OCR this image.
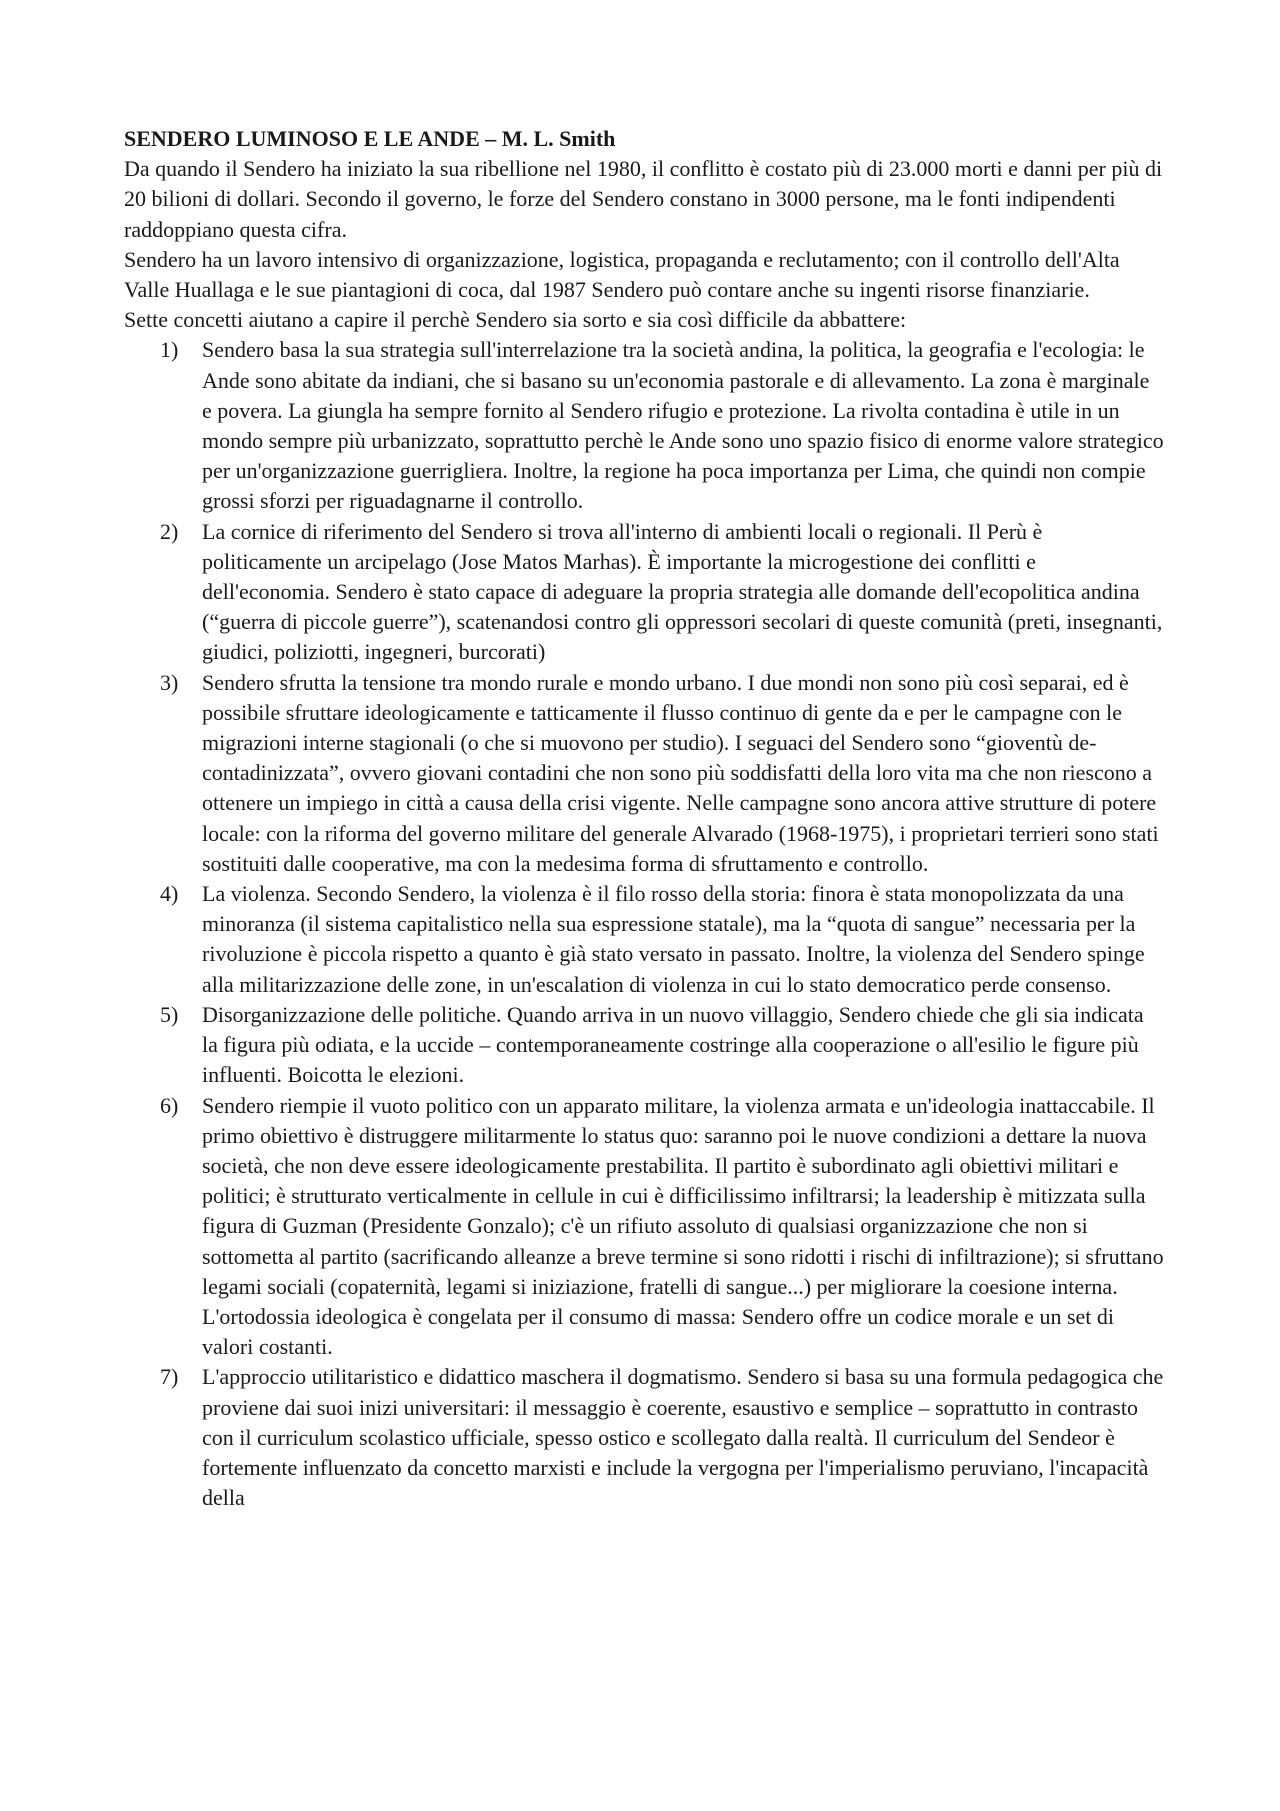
SENDERO LUMINOSO E LE ANDE – M. L. Smith

Da quando il Sendero ha iniziato la sua ribellione nel 1980, il conflitto è costato più di 23.000 morti e danni per più di 20 bilioni di dollari. Secondo il governo, le forze del Sendero constano in 3000 persone, ma le fonti indipendenti raddoppiano questa cifra.

Sendero ha un lavoro intensivo di organizzazione, logistica, propaganda e reclutamento; con il controllo dell'Alta Valle Huallaga e le sue piantagioni di coca, dal 1987 Sendero può contare anche su ingenti risorse finanziarie.

Sette concetti aiutano a capire il perchè Sendero sia sorto e sia così difficile da abbattere:

1) Sendero basa la sua strategia sull'interrelazione tra la società andina, la politica, la geografia e l'ecologia: le Ande sono abitate da indiani, che si basano su un'economia pastorale e di allevamento. La zona è marginale e povera. La giungla ha sempre fornito al Sendero rifugio e protezione. La rivolta contadina è utile in un mondo sempre più urbanizzato, soprattutto perchè le Ande sono uno spazio fisico di enorme valore strategico per un'organizzazione guerrigliera. Inoltre, la regione ha poca importanza per Lima, che quindi non compie grossi sforzi per riguadagnarne il controllo.
2) La cornice di riferimento del Sendero si trova all'interno di ambienti locali o regionali. Il Perù è politicamente un arcipelago (Jose Matos Marhas). È importante la microgestione dei conflitti e dell'economia. Sendero è stato capace di adeguare la propria strategia alle domande dell'ecopolitica andina (“guerra di piccole guerre”), scatenandosi contro gli oppressori secolari di queste comunità (preti, insegnanti, giudici, poliziotti, ingegneri, burcorati)
3) Sendero sfrutta la tensione tra mondo rurale e mondo urbano. I due mondi non sono più così separai, ed è possibile sfruttare ideologicamente e tatticamente il flusso continuo di gente da e per le campagne con le migrazioni interne stagionali (o che si muovono per studio). I seguaci del Sendero sono “gioventù de-contadinizzata”, ovvero giovani contadini che non sono più soddisfatti della loro vita ma che non riescono a ottenere un impiego in città a causa della crisi vigente. Nelle campagne sono ancora attive strutture di potere locale: con la riforma del governo militare del generale Alvarado (1968-1975), i proprietari terrieri sono stati sostituiti dalle cooperative, ma con la medesima forma di sfruttamento e controllo.
4) La violenza. Secondo Sendero, la violenza è il filo rosso della storia: finora è stata monopolizzata da una minoranza (il sistema capitalistico nella sua espressione statale), ma la “quota di sangue” necessaria per la rivoluzione è piccola rispetto a quanto è già stato versato in passato. Inoltre, la violenza del Sendero spinge alla militarizzazione delle zone, in un'escalation di violenza in cui lo stato democratico perde consenso.
5) Disorganizzazione delle politiche. Quando arriva in un nuovo villaggio, Sendero chiede che gli sia indicata la figura più odiata, e la uccide – contemporaneamente costringe alla cooperazione o all'esilio le figure più influenti. Boicotta le elezioni.
6) Sendero riempie il vuoto politico con un apparato militare, la violenza armata e un'ideologia inattaccabile. Il primo obiettivo è distruggere militarmente lo status quo: saranno poi le nuove condizioni a dettare la nuova società, che non deve essere ideologicamente prestabilita. Il partito è subordinato agli obiettivi militari e politici; è strutturato verticalmente in cellule in cui è difficilissimo infiltrarsi; la leadership è mitizzata sulla figura di Guzman (Presidente Gonzalo); c'è un rifiuto assoluto di qualsiasi organizzazione che non si sottometta al partito (sacrificando alleanze a breve termine si sono ridotti i rischi di infiltrazione); si sfruttano legami sociali (copaternità, legami si iniziazione, fratelli di sangue...) per migliorare la coesione interna. L'ortodossia ideologica è congelata per il consumo di massa: Sendero offre un codice morale e un set di valori costanti.
7) L'approccio utilitaristico e didattico maschera il dogmatismo. Sendero si basa su una formula pedagogica che proviene dai suoi inizi universitari: il messaggio è coerente, esaustivo e semplice – soprattutto in contrasto con il curriculum scolastico ufficiale, spesso ostico e scollegato dalla realtà. Il curriculum del Sendeor è fortemente influenzato da concetto marxisti e include la vergogna per l'imperialismo peruviano, l'incapacità della
